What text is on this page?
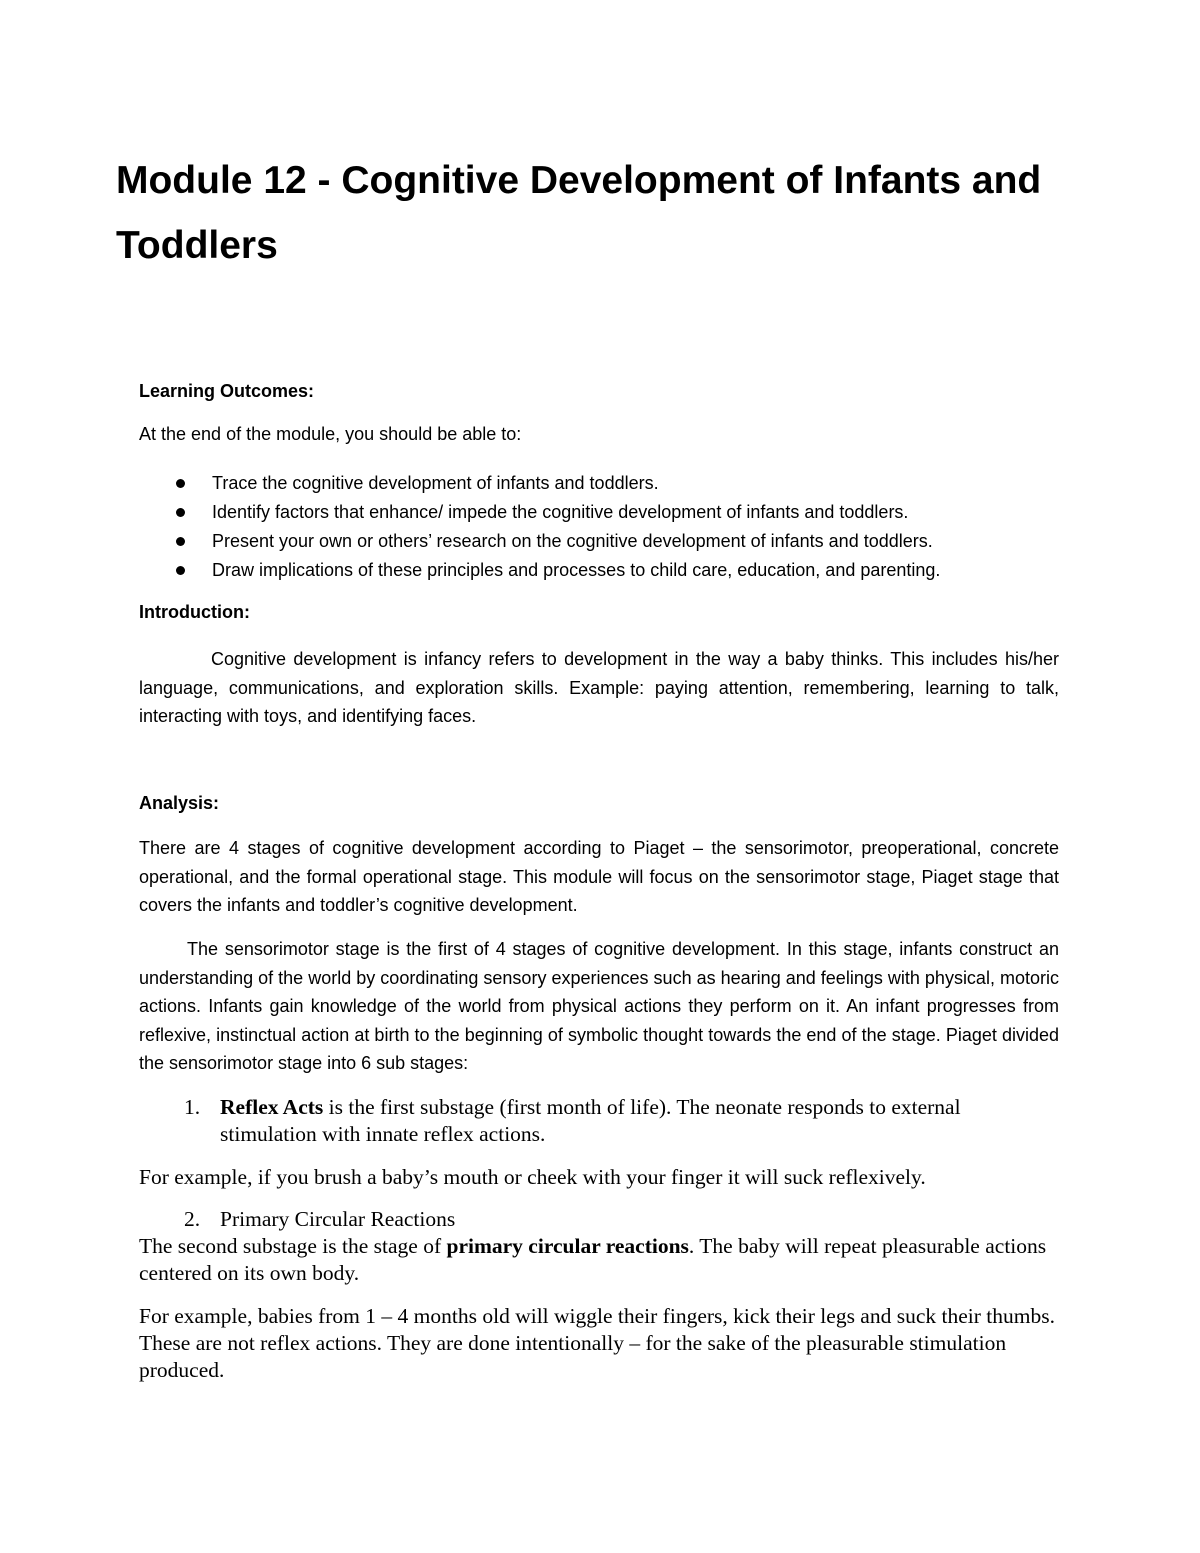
Module 12 - Cognitive Development of Infants and Toddlers

Learning Outcomes:

At the end of the module, you should be able to:

Trace the cognitive development of infants and toddlers.
Identify factors that enhance/ impede the cognitive development of infants and toddlers.
Present your own or others’ research on the cognitive development of infants and toddlers.
Draw implications of these principles and processes to child care, education, and parenting.

Introduction:

Cognitive development is infancy refers to development in the way a baby thinks. This includes his/her language, communications, and exploration skills. Example: paying attention, remembering, learning to talk, interacting with toys, and identifying faces.

Analysis:

There are 4 stages of cognitive development according to Piaget – the sensorimotor, preoperational, concrete operational, and the formal operational stage. This module will focus on the sensorimotor stage, Piaget stage that covers the infants and toddler’s cognitive development.

The sensorimotor stage is the first of 4 stages of cognitive development. In this stage, infants construct an understanding of the world by coordinating sensory experiences such as hearing and feelings with physical, motoric actions. Infants gain knowledge of the world from physical actions they perform on it. An infant progresses from reflexive, instinctual action at birth to the beginning of symbolic thought towards the end of the stage. Piaget divided the sensorimotor stage into 6 sub stages:

1. Reflex Acts is the first substage (first month of life). The neonate responds to external stimulation with innate reflex actions.

For example, if you brush a baby’s mouth or cheek with your finger it will suck reflexively.

2. Primary Circular Reactions

The second substage is the stage of primary circular reactions. The baby will repeat pleasurable actions centered on its own body.

For example, babies from 1 – 4 months old will wiggle their fingers, kick their legs and suck their thumbs. These are not reflex actions. They are done intentionally – for the sake of the pleasurable stimulation produced.
